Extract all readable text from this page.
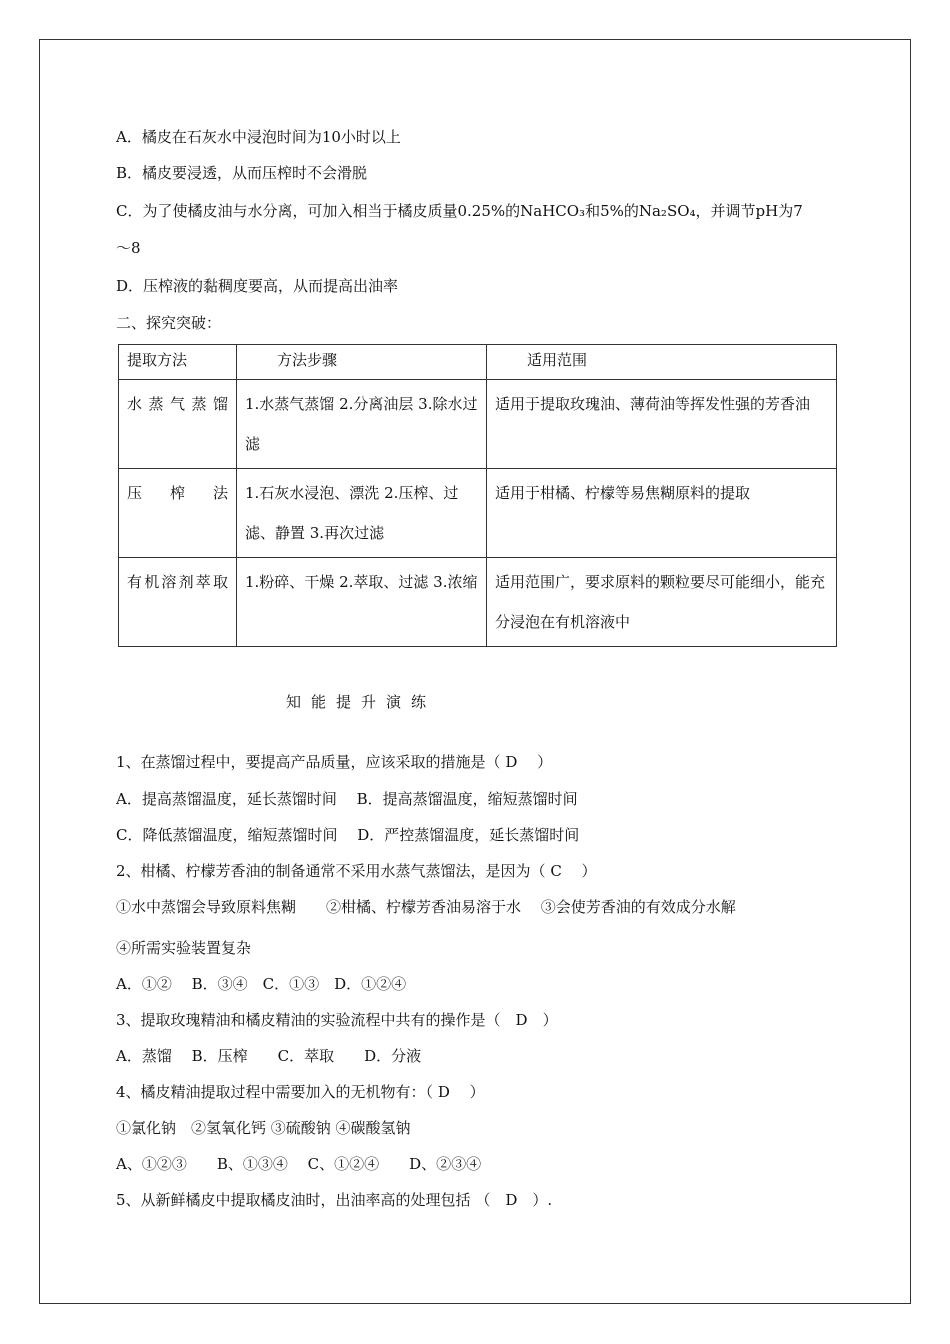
A．橘皮在石灰水中浸泡时间为10小时以上
B．橘皮要浸透，从而压榨时不会滑脱
C．为了使橘皮油与水分离，可加入相当于橘皮质量0.25%的NaHCO₃和5%的Na₂SO₄，并调节pH为7
～8
D．压榨液的黏稠度要高，从而提高出油率
二、探究突破：
提取方法	方法步骤	适用范围
水蒸气蒸馏	1.水蒸气蒸馏 2.分离油层 3.除水过滤	适用于提取玫瑰油、薄荷油等挥发性强的芳香油
压榨法	1.石灰水浸泡、漂洗 2.压榨、过滤、静置 3.再次过滤	适用于柑橘、柠檬等易焦糊原料的提取
有机溶剂萃取	1.粉碎、干燥 2.萃取、过滤 3.浓缩	适用范围广，要求原料的颗粒要尽可能细小，能充分浸泡在有机溶液中
知能提升演练
1、在蒸馏过程中，要提高产品质量，应该采取的措施是（ D　 ）
A．提高蒸馏温度，延长蒸馏时间　 B．提高蒸馏温度，缩短蒸馏时间
C．降低蒸馏温度，缩短蒸馏时间　 D．严控蒸馏温度，延长蒸馏时间
2、柑橘、柠檬芳香油的制备通常不采用水蒸气蒸馏法，是因为（ C 　）
①水中蒸馏会导致原料焦糊　　②柑橘、柠檬芳香油易溶于水　 ③会使芳香油的有效成分水解
④所需实验装置复杂
A．①②　 B．③④　C．①③　D．①②④
3、提取玫瑰精油和橘皮精油的实验流程中共有的操作是（　D　）
A．蒸馏 　B．压榨　　C．萃取　　D．分液
4、橘皮精油提取过程中需要加入的无机物有：（ D　 ）
①氯化钠　②氢氧化钙 ③硫酸钠 ④碳酸氢钠
A、①②③　　B、①③④　 C、①②④　　D、②③④
5、从新鲜橘皮中提取橘皮油时，出油率高的处理包括 （　D　）.
